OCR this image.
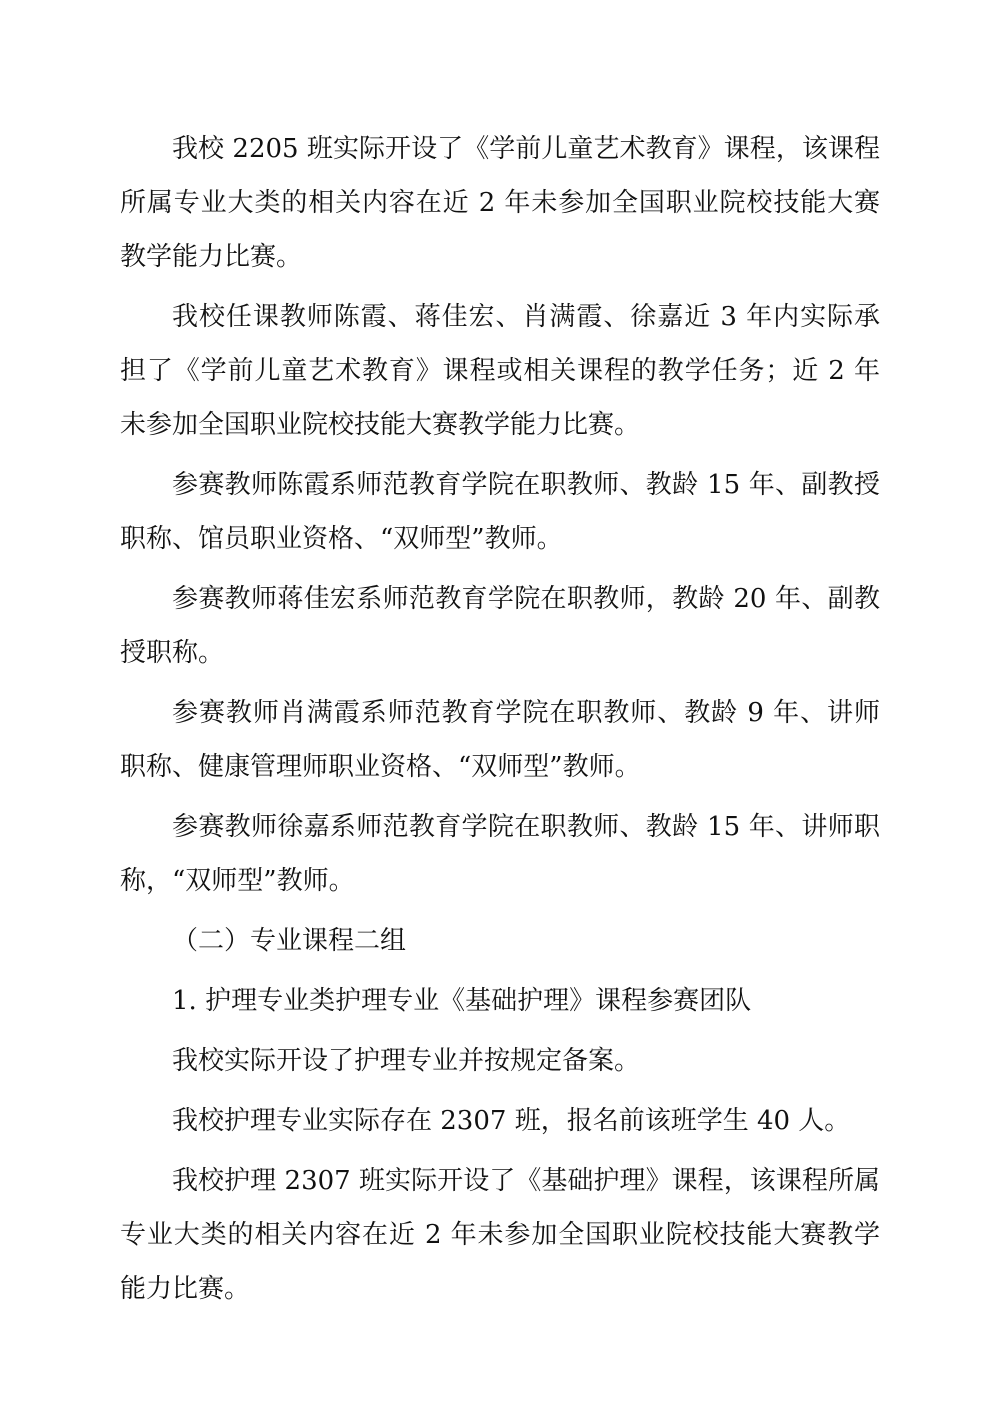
我校 2205 班实际开设了《学前儿童艺术教育》课程，该课程所属专业大类的相关内容在近 2 年未参加全国职业院校技能大赛教学能力比赛。

我校任课教师陈霞、蒋佳宏、肖满霞、徐嘉近 3 年内实际承担了《学前儿童艺术教育》课程或相关课程的教学任务；近 2 年未参加全国职业院校技能大赛教学能力比赛。

参赛教师陈霞系师范教育学院在职教师、教龄 15 年、副教授职称、馆员职业资格、“双师型”教师。

参赛教师蒋佳宏系师范教育学院在职教师，教龄 20 年、副教授职称。

参赛教师肖满霞系师范教育学院在职教师、教龄 9 年、讲师职称、健康管理师职业资格、“双师型”教师。

参赛教师徐嘉系师范教育学院在职教师、教龄 15 年、讲师职称，“双师型”教师。

（二）专业课程二组

1. 护理专业类护理专业《基础护理》课程参赛团队

我校实际开设了护理专业并按规定备案。

我校护理专业实际存在 2307 班，报名前该班学生 40 人。

我校护理 2307 班实际开设了《基础护理》课程，该课程所属专业大类的相关内容在近 2 年未参加全国职业院校技能大赛教学能力比赛。
